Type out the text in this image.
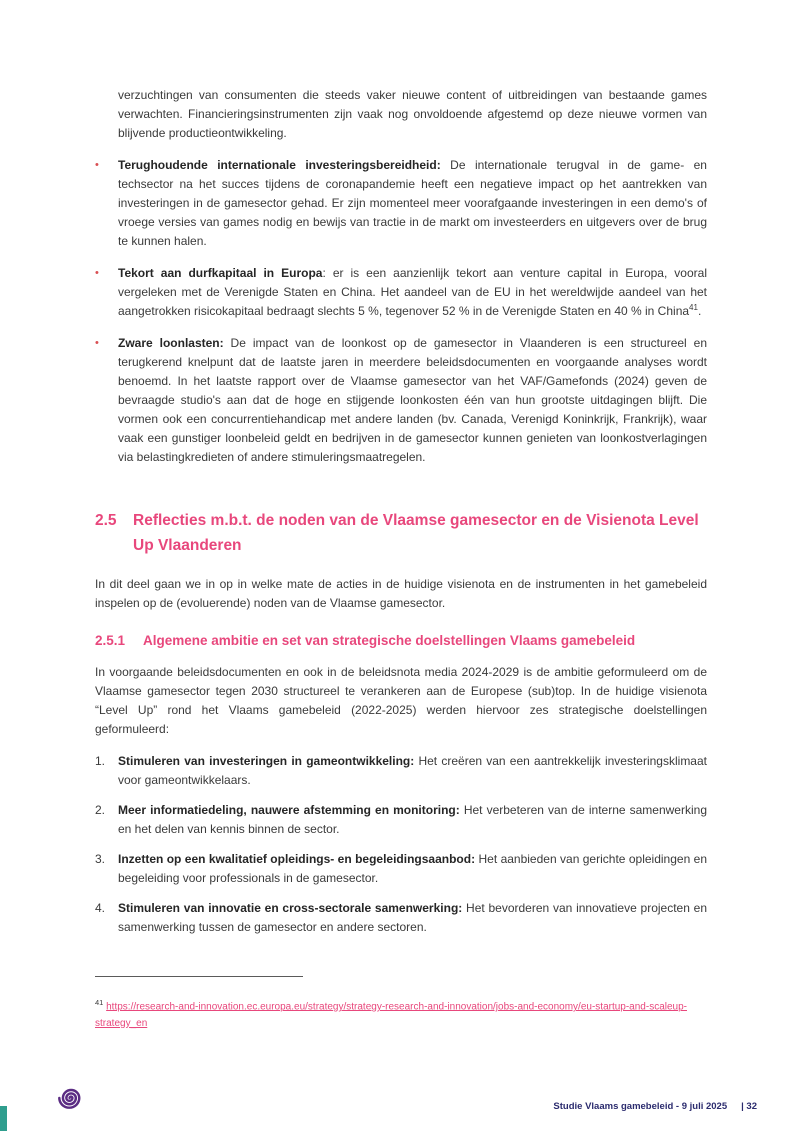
verzuchtingen van consumenten die steeds vaker nieuwe content of uitbreidingen van bestaande games verwachten. Financieringsinstrumenten zijn vaak nog onvoldoende afgestemd op deze nieuwe vormen van blijvende productieontwikkeling.

•	Terughoudende internationale investeringsbereidheid: De internationale terugval in de game- en techsector na het succes tijdens de coronapandemie heeft een negatieve impact op het aantrekken van investeringen in de gamesector gehad. Er zijn momenteel meer voorafgaande investeringen in een demo's of vroege versies van games nodig en bewijs van tractie in de markt om investeerders en uitgevers over de brug te kunnen halen.

•	Tekort aan durfkapitaal in Europa: er is een aanzienlijk tekort aan venture capital in Europa, vooral vergeleken met de Verenigde Staten en China. Het aandeel van de EU in het wereldwijde aandeel van het aangetrokken risicokapitaal bedraagt slechts 5 %, tegenover 52 % in de Verenigde Staten en 40 % in China$^{41}$.

•	Zware loonlasten: De impact van de loonkost op de gamesector in Vlaanderen is een structureel en terugkerend knelpunt dat de laatste jaren in meerdere beleidsdocumenten en voorgaande analyses wordt benoemd. In het laatste rapport over de Vlaamse gamesector van het VAF/Gamefonds (2024) geven de bevraagde studio's aan dat de hoge en stijgende loonkosten één van hun grootste uitdagingen blijft. Die vormen ook een concurrentiehandicap met andere landen (bv. Canada, Verenigd Koninkrijk, Frankrijk), waar vaak een gunstiger loonbeleid geldt en bedrijven in de gamesector kunnen genieten van loonkostverlagingen via belastingkredieten of andere stimuleringsmaatregelen.

2.5	Reflecties m.b.t. de noden van de Vlaamse gamesector en de Visienota Level Up Vlaanderen

In dit deel gaan we in op in welke mate de acties in de huidige visienota en de instrumenten in het gamebeleid inspelen op de (evoluerende) noden van de Vlaamse gamesector.

2.5.1	Algemene ambitie en set van strategische doelstellingen Vlaams gamebeleid

In voorgaande beleidsdocumenten en ook in de beleidsnota media 2024-2029 is de ambitie geformuleerd om de Vlaamse gamesector tegen 2030 structureel te verankeren aan de Europese (sub)top. In de huidige visienota “Level Up” rond het Vlaams gamebeleid (2022-2025) werden hiervoor zes strategische doelstellingen geformuleerd:

1.	Stimuleren van investeringen in gameontwikkeling: Het creëren van een aantrekkelijk investeringsklimaat voor gameontwikkelaars.

2.	Meer informatiedeling, nauwere afstemming en monitoring: Het verbeteren van de interne samenwerking en het delen van kennis binnen de sector.

3.	Inzetten op een kwalitatief opleidings- en begeleidingsaanbod: Het aanbieden van gerichte opleidingen en begeleiding voor professionals in de gamesector.

4.	Stimuleren van innovatie en cross-sectorale samenwerking: Het bevorderen van innovatieve projecten en samenwerking tussen de gamesector en andere sectoren.

$^{41}$ https://research-and-innovation.ec.europa.eu/strategy/strategy-research-and-innovation/jobs-and-economy/eu-startup-and-scaleup-strategy_en

Studie Vlaams gamebeleid - 9 juli 2025 | 32
